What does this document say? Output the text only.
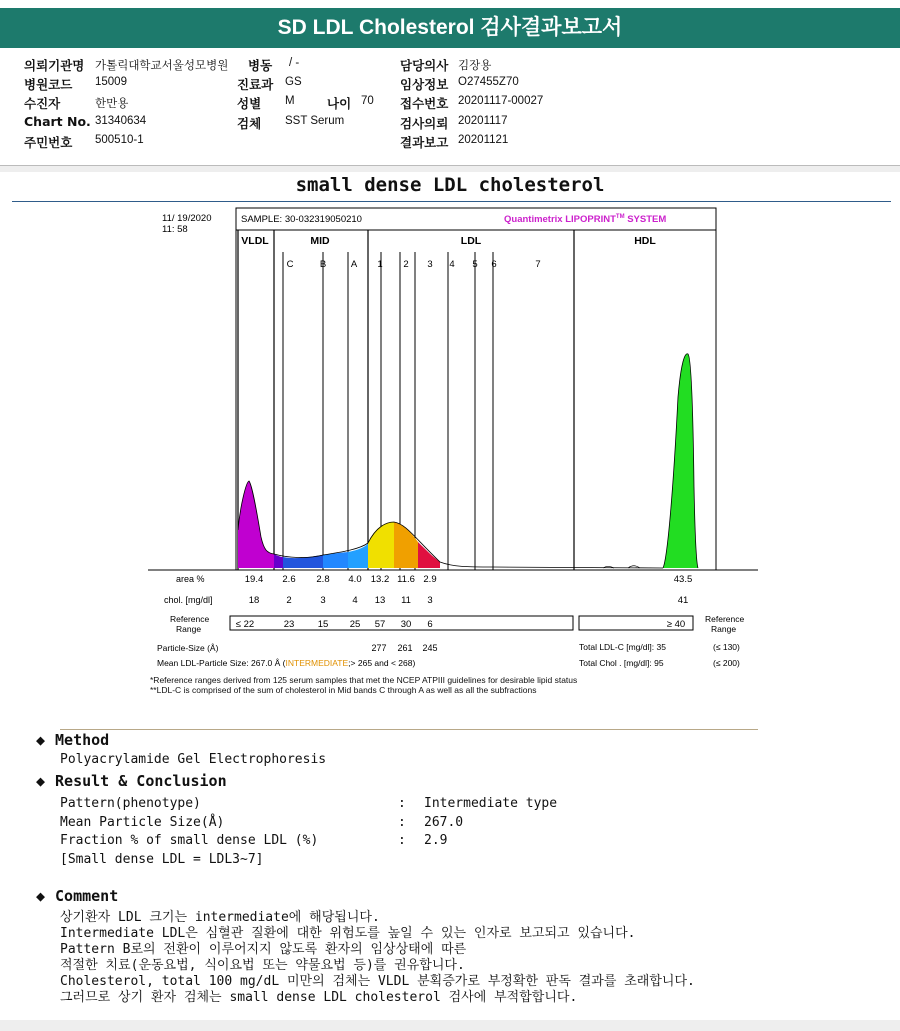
SD LDL Cholesterol 검사결과보고서
의뢰기관명 가톨릭대학교서울성모병원 병동 / -
병원코드 15009	진료과 GS
수진자	한만용	성별 M	나이 70
Chart No. 31340634	검체 SST Serum
주민번호 500510-1
담당의사 김장용
임상정보 O27455Z70
접수번호 20201117-00027
검사의뢰 20201117
결과보고 20201121
small dense LDL cholesterol
11/ 19/2020
11: 58
SAMPLE: 30-032319050210	Quantimetrix LIPOPRINT™ SYSTEM
VLDL	MID	LDL	HDL
C	B	A 1 2 3 4 5 6	7
area %	19.4 2.6 2.8 4.0 13.2 11.6 2.9	43.5
chol. [mg/dl]	18	2	3	4 13 11 3	41
Reference
Range	≤ 22	23 15 25 57 30 6	≥ 40 Reference
Range
Particle-Size (Å)	277 261 245	Total LDL-C [mg/dl]: 35	(≤ 130)
Mean LDL-Particle Size: 267.0 Å (INTERMEDIATE;> 265 and < 268)	Total Chol . [mg/dl]: 95	(≤ 200)
*Reference ranges derived from 125 serum samples that met the NCEP ATPIII guidelines for desirable lipid status
**LDL-C is comprised of the sum of cholesterol in Mid bands C through A as well as all the subfractions
◆ Method
Polyacrylamide Gel Electrophoresis
◆ Result & Conclusion
Pattern(phenotype)	: Intermediate type
Mean Particle Size(Å)	: 267.0
Fraction % of small dense LDL (%)	: 2.9
[Small dense LDL = LDL3~7]
◆ Comment
상기환자 LDL 크기는 intermediate에 해당됩니다.
Intermediate LDL은 심혈관 질환에 대한 위험도를 높일 수 있는 인자로 보고되고 있습니다.
Pattern B로의 전환이 이루어지지 않도록 환자의 임상상태에 따른
적절한 치료(운동요법, 식이요법 또는 약물요법 등)를 권유합니다.
Cholesterol, total 100 mg/dL 미만의 검체는 VLDL 분획증가로 부정확한 판독 결과를 초래합니다.
그러므로 상기 환자 검체는 small dense LDL cholesterol 검사에 부적합합니다.
